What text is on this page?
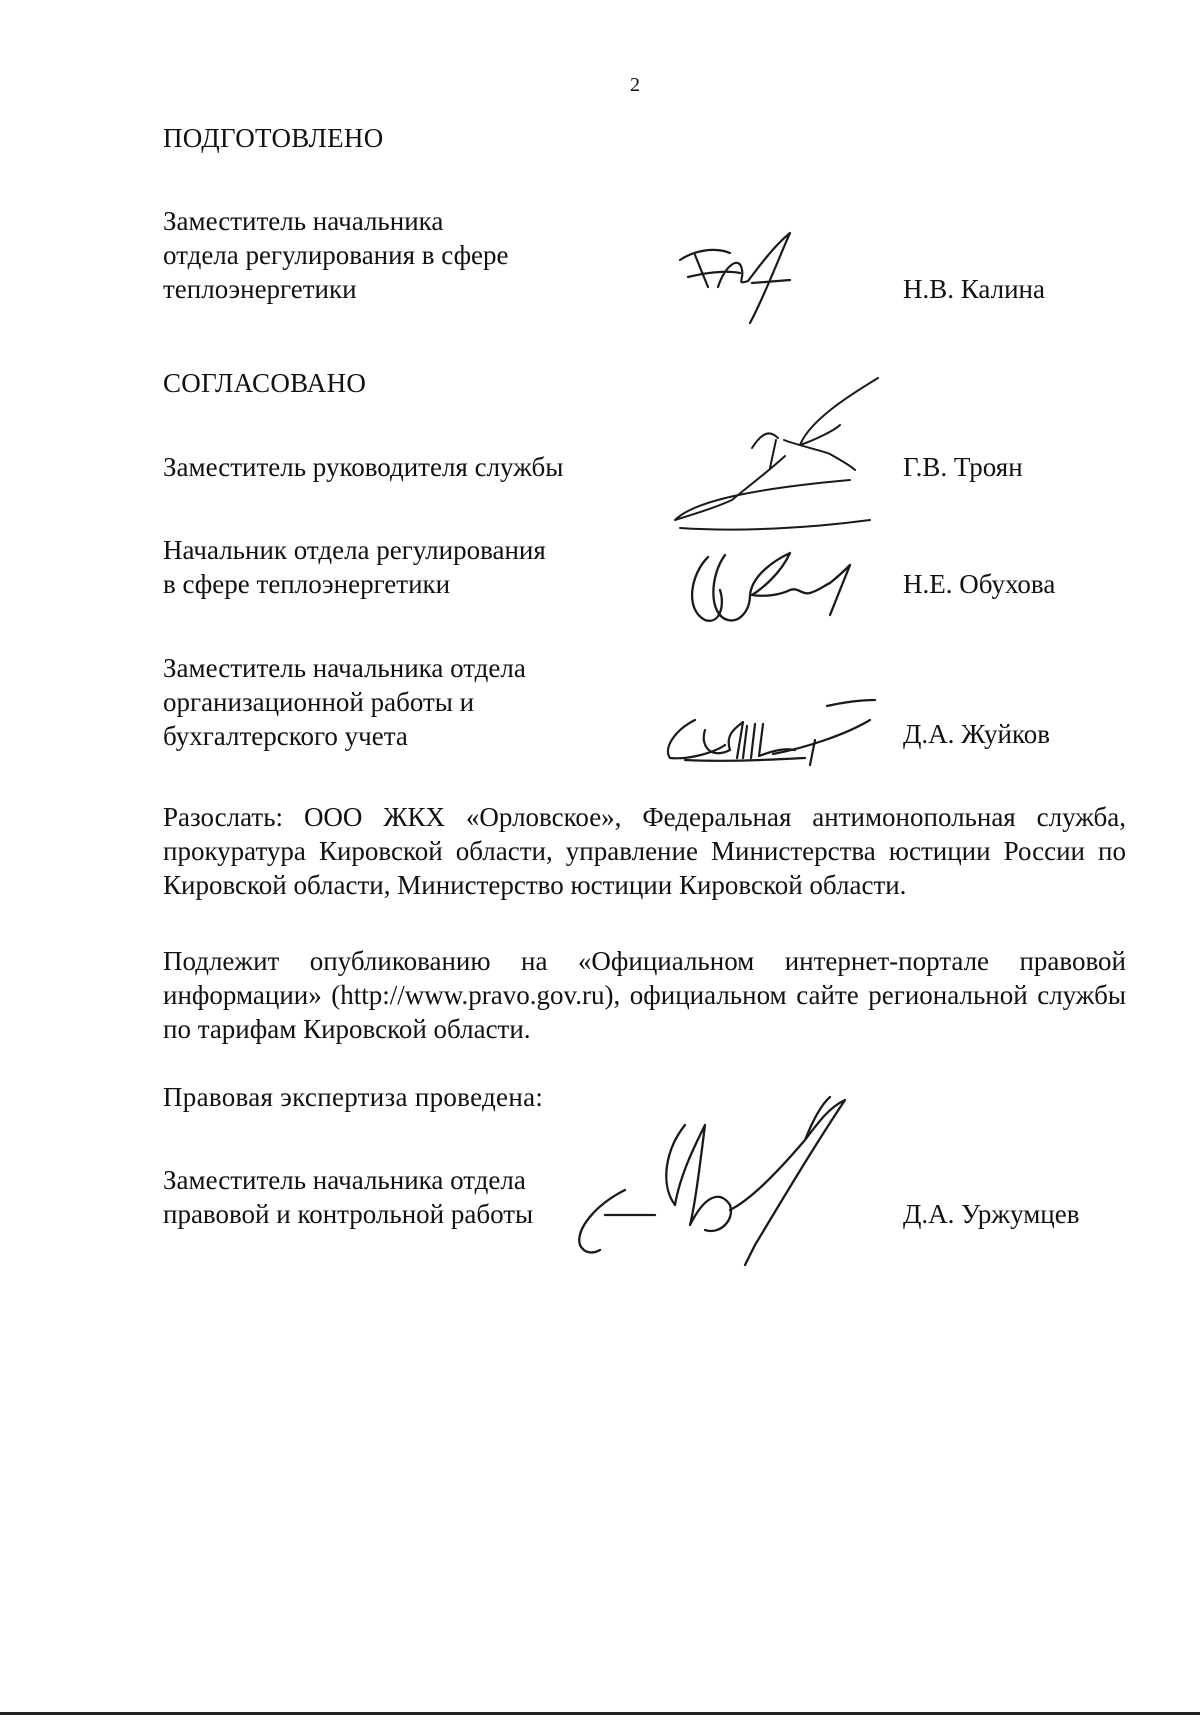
2
ПОДГОТОВЛЕНО
Заместитель начальника
отдела регулирования в сфере
теплоэнергетики	Н.В. Калина
СОГЛАСОВАНО
Заместитель руководителя службы	Г.В. Троян
Начальник отдела регулирования
в сфере теплоэнергетики	Н.Е. Обухова
Заместитель начальника отдела
организационной работы и
бухгалтерского учета	Д.А. Жуйков
Разослать: ООО ЖКХ «Орловское», Федеральная антимонопольная служба, прокуратура Кировской области, управление Министерства юстиции России по Кировской области, Министерство юстиции Кировской области.
Подлежит опубликованию на «Официальном интернет-портале правовой информации» (http://www.pravo.gov.ru), официальном сайте региональной службы по тарифам Кировской области.
Правовая экспертиза проведена:
Заместитель начальника отдела
правовой и контрольной работы	Д.А. Уржумцев
